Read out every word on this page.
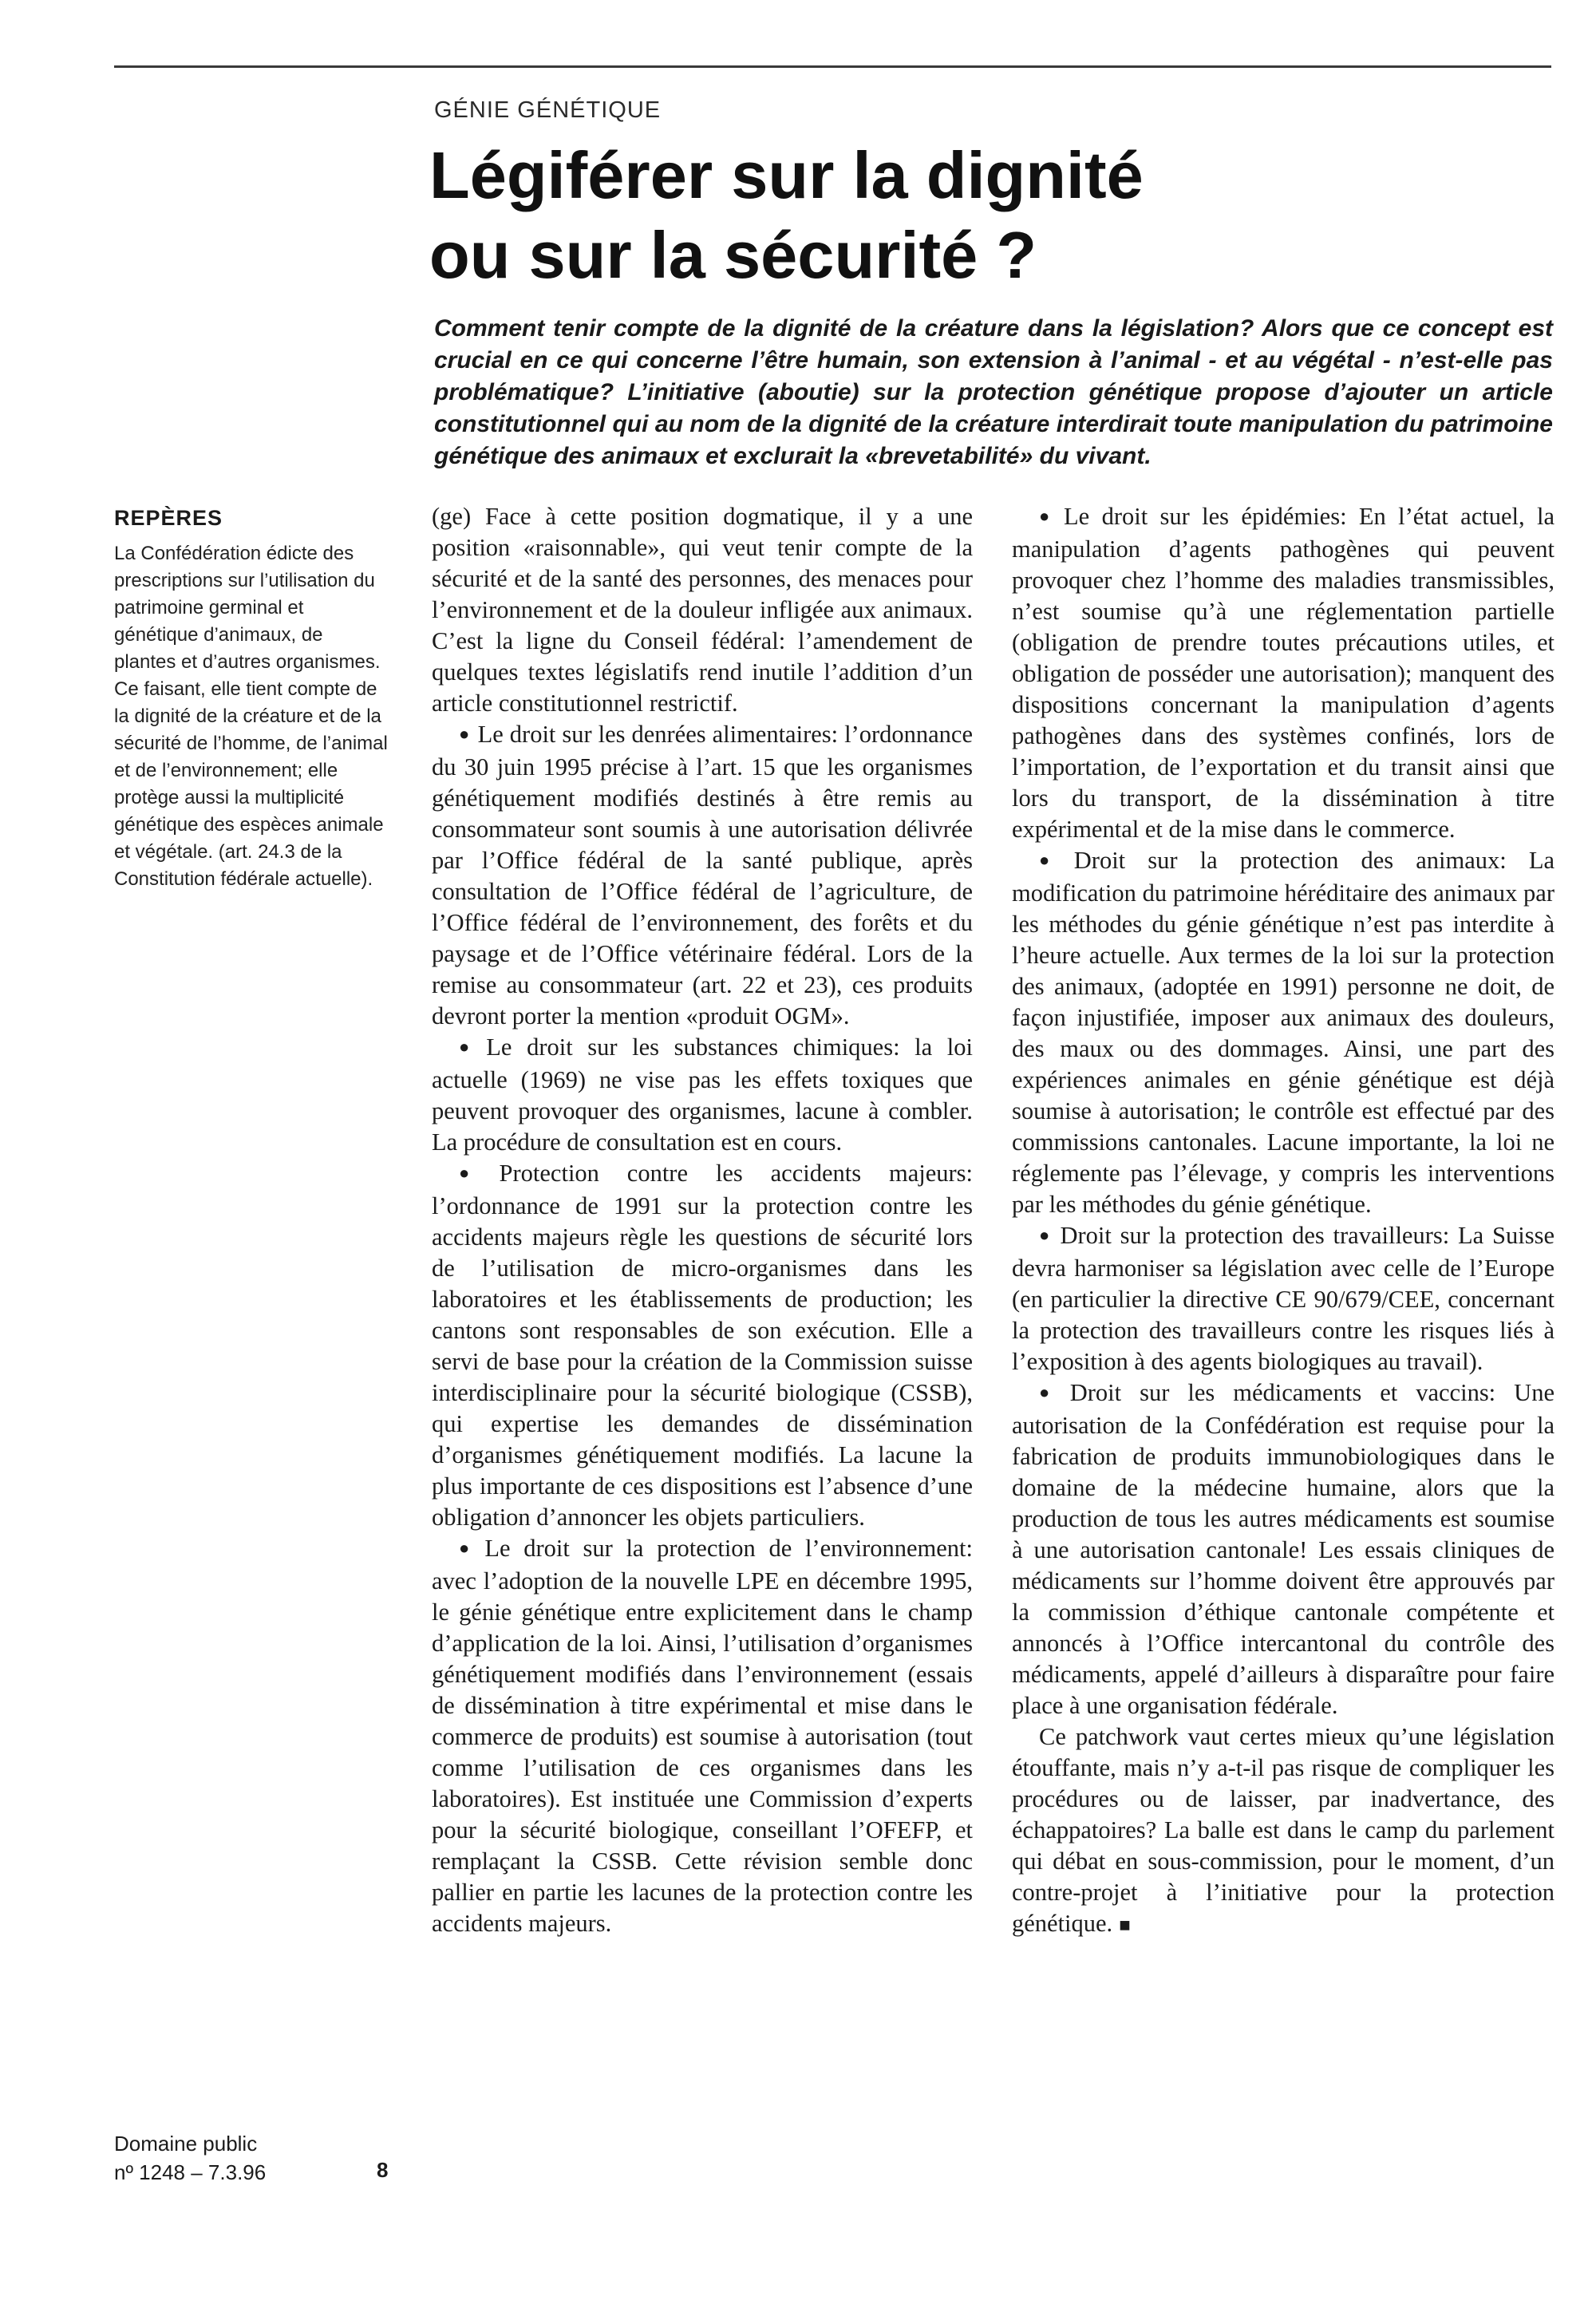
GÉNIE GÉNÉTIQUE
Légiférer sur la dignité
ou sur la sécurité ?
Comment tenir compte de la dignité de la créature dans la législation? Alors que ce concept est crucial en ce qui concerne l’être humain, son extension à l’animal - et au végétal - n’est-elle pas problématique? L’initiative (aboutie) sur la protection génétique propose d’ajouter un article constitutionnel qui au nom de la dignité de la créature interdirait toute manipulation du patrimoine génétique des animaux et exclurait la «brevetabilité» du vivant.
REPÈRES

La Confédération édicte des prescriptions sur l’utilisation du patrimoine germinal et génétique d’animaux, de plantes et d’autres organismes. Ce faisant, elle tient compte de la dignité de la créature et de la sécurité de l’homme, de l’animal et de l’environnement; elle protège aussi la multiplicité génétique des espèces animale et végétale. (art. 24.3 de la Constitution fédérale actuelle).

Domaine public
nº 1248 – 7.3.96	8

(ge) Face à cette position dogmatique, il y a une position «raisonnable», qui veut tenir compte de la sécurité et de la santé des personnes, des menaces pour l’environnement et de la douleur infligée aux animaux. C’est la ligne du Conseil fédéral: l’amendement de quelques textes législatifs rend inutile l’addition d’un article constitutionnel restrictif.

● Le droit sur les denrées alimentaires: l’ordonnance du 30 juin 1995 précise à l’art. 15 que les organismes génétiquement modifiés destinés à être remis au consommateur sont soumis à une autorisation délivrée par l’Office fédéral de la santé publique, après consultation de l’Office fédéral de l’agriculture, de l’Office fédéral de l’environnement, des forêts et du paysage et de l’Office vétérinaire fédéral. Lors de la remise au consommateur (art. 22 et 23), ces produits devront porter la mention «produit OGM».

● Le droit sur les substances chimiques: la loi actuelle (1969) ne vise pas les effets toxiques que peuvent provoquer des organismes, lacune à combler. La procédure de consultation est en cours.

● Protection contre les accidents majeurs: l’ordonnance de 1991 sur la protection contre les accidents majeurs règle les questions de sécurité lors de l’utilisation de micro-organismes dans les laboratoires et les établissements de production; les cantons sont responsables de son exécution. Elle a servi de base pour la création de la Commission suisse interdisciplinaire pour la sécurité biologique (CSSB), qui expertise les demandes de dissémination d’organismes génétiquement modifiés. La lacune la plus importante de ces dispositions est l’absence d’une obligation d’annoncer les objets particuliers.

● Le droit sur la protection de l’environnement: avec l’adoption de la nouvelle LPE en décembre 1995, le génie génétique entre explicitement dans le champ d’application de la loi. Ainsi, l’utilisation d’organismes génétiquement modifiés dans l’environnement (essais de dissémination à titre expérimental et mise dans le commerce de produits) est soumise à autorisation (tout comme l’utilisation de ces organismes dans les laboratoires). Est instituée une Commission d’experts pour la sécurité biologique, conseillant l’OFEFP, et remplaçant la CSSB. Cette révision semble donc pallier en partie les lacunes de la protection contre les accidents majeurs.

● Le droit sur les épidémies: En l’état actuel, la manipulation d’agents pathogènes qui peuvent provoquer chez l’homme des maladies transmissibles, n’est soumise qu’à une réglementation partielle (obligation de prendre toutes précautions utiles, et obligation de posséder une autorisation); manquent des dispositions concernant la manipulation d’agents pathogènes dans des systèmes confinés, lors de l’importation, de l’exportation et du transit ainsi que lors du transport, de la dissémination à titre expérimental et de la mise dans le commerce.

● Droit sur la protection des animaux: La modification du patrimoine héréditaire des animaux par les méthodes du génie génétique n’est pas interdite à l’heure actuelle. Aux termes de la loi sur la protection des animaux, (adoptée en 1991) personne ne doit, de façon injustifiée, imposer aux animaux des douleurs, des maux ou des dommages. Ainsi, une part des expériences animales en génie génétique est déjà soumise à autorisation; le contrôle est effectué par des commissions cantonales. Lacune importante, la loi ne réglemente pas l’élevage, y compris les interventions par les méthodes du génie génétique.

● Droit sur la protection des travailleurs: La Suisse devra harmoniser sa législation avec celle de l’Europe (en particulier la directive CE 90/679/CEE, concernant la protection des travailleurs contre les risques liés à l’exposition à des agents biologiques au travail).

● Droit sur les médicaments et vaccins: Une autorisation de la Confédération est requise pour la fabrication de produits immunobiologiques dans le domaine de la médecine humaine, alors que la production de tous les autres médicaments est soumise à une autorisation cantonale! Les essais cliniques de médicaments sur l’homme doivent être approuvés par la commission d’éthique cantonale compétente et annoncés à l’Office intercantonal du contrôle des médicaments, appelé d’ailleurs à disparaître pour faire place à une organisation fédérale.

Ce patchwork vaut certes mieux qu’une législation étouffante, mais n’y a-t-il pas risque de compliquer les procédures ou de laisser, par inadvertance, des échappatoires? La balle est dans le camp du parlement qui débat en sous-commission, pour le moment, d’un contre-projet à l’initiative pour la protection génétique. ■
